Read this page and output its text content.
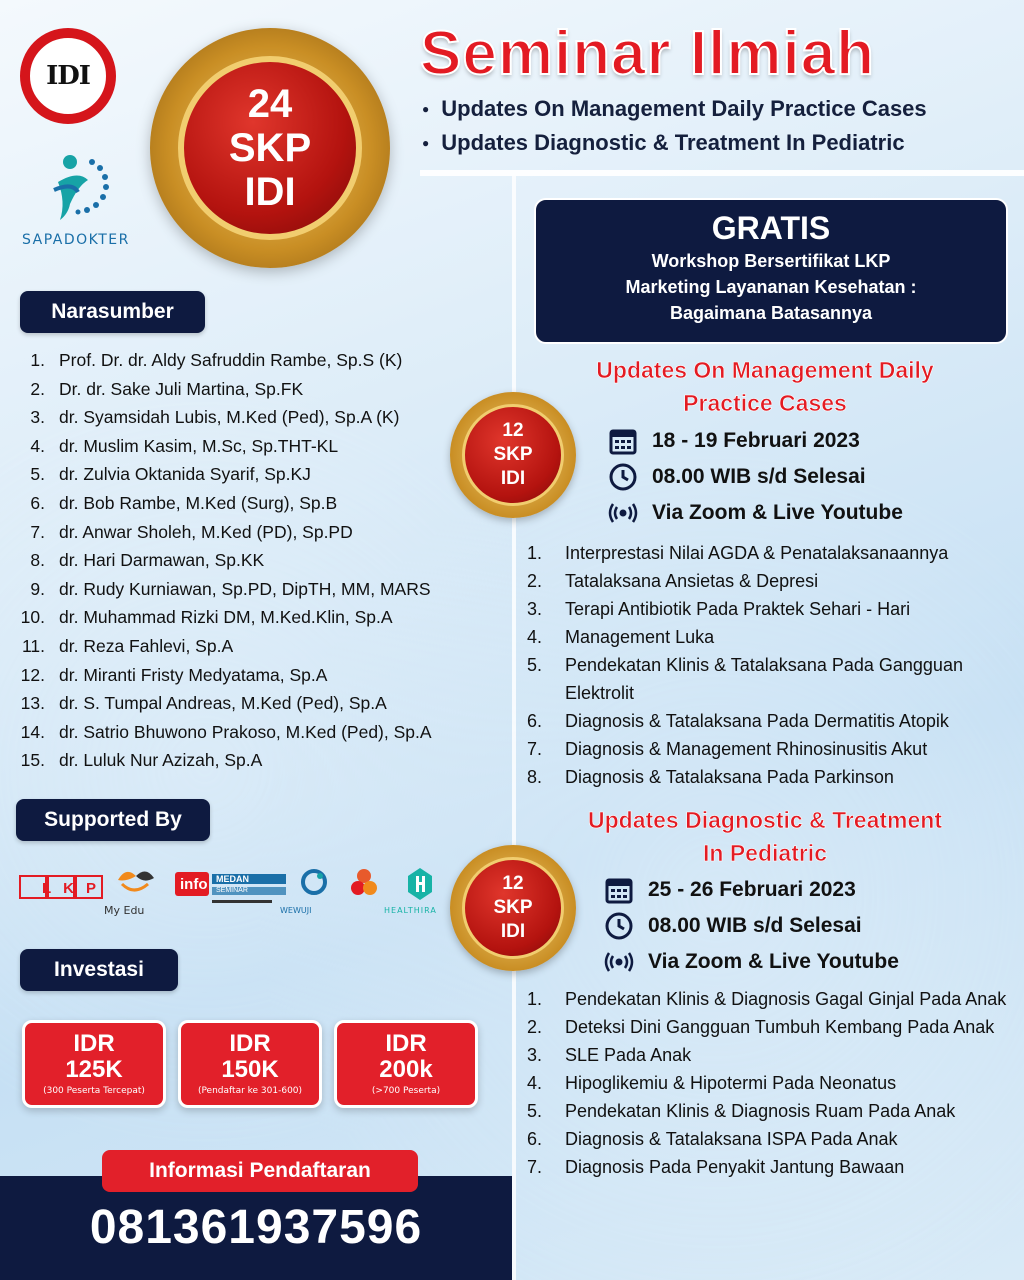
IDI
SAPADOKTER
24
SKP
IDI
Seminar Ilmiah
● Updates On Management Daily Practice Cases
● Updates Diagnostic & Treatment In Pediatric
GRATIS
Workshop Bersertifikat LKP
Marketing Layananan Kesehatan :
Bagaimana Batasannya
Narasumber
1. Prof. Dr. dr. Aldy Safruddin Rambe, Sp.S (K)
2. Dr. dr. Sake Juli Martina, Sp.FK
3. dr. Syamsidah Lubis, M.Ked (Ped), Sp.A (K)
4. dr. Muslim Kasim, M.Sc, Sp.THT-KL
5. dr. Zulvia Oktanida Syarif, Sp.KJ
6. dr. Bob Rambe, M.Ked (Surg), Sp.B
7. dr. Anwar Sholeh, M.Ked (PD), Sp.PD
8. dr. Hari Darmawan, Sp.KK
9. dr. Rudy Kurniawan, Sp.PD, DipTH, MM, MARS
10. dr. Muhammad Rizki DM, M.Ked.Klin, Sp.A
11. dr. Reza Fahlevi, Sp.A
12. dr. Miranti Fristy Medyatama, Sp.A
13. dr. S. Tumpal Andreas, M.Ked (Ped), Sp.A
14. dr. Satrio Bhuwono Prakoso, M.Ked (Ped), Sp.A
15. dr. Luluk Nur Azizah, Sp.A
Updates On Management Daily
Practice Cases
12
SKP
IDI
18 - 19 Februari 2023
08.00 WIB s/d Selesai
Via Zoom & Live Youtube
1.	Interprestasi Nilai AGDA & Penatalaksanaannya
2.	Tatalaksana Ansietas & Depresi
3.	Terapi Antibiotik Pada Praktek Sehari - Hari
4.	Management Luka
5.	Pendekatan Klinis & Tatalaksana Pada Gangguan Elektrolit
6.	Diagnosis & Tatalaksana Pada Dermatitis Atopik
7.	Diagnosis & Management Rhinosinusitis Akut
8.	Diagnosis & Tatalaksana Pada Parkinson
Updates Diagnostic & Treatment
In Pediatric
12
SKP
IDI
25 - 26 Februari 2023
08.00 WIB s/d Selesai
Via Zoom & Live Youtube
1.	Pendekatan Klinis & Diagnosis Gagal Ginjal Pada Anak
2.	Deteksi Dini Gangguan Tumbuh Kembang Pada Anak
3.	SLE Pada Anak
4.	Hipoglikemiu & Hipotermi Pada Neonatus
5.	Pendekatan Klinis & Diagnosis Ruam Pada Anak
6.	Diagnosis & Tatalaksana ISPA Pada Anak
7.	Diagnosis Pada Penyakit Jantung Bawaan
Supported By
LKP
My Edu
info MEDAN
SEMINAR
WEWUJI	HEALTHIRA
Investasi
IDR
125K
(300 Peserta Tercepat)
IDR
150K
(Pendaftar ke 301-600)
IDR
200k
(>700 Peserta)
Informasi Pendaftaran
081361937596
